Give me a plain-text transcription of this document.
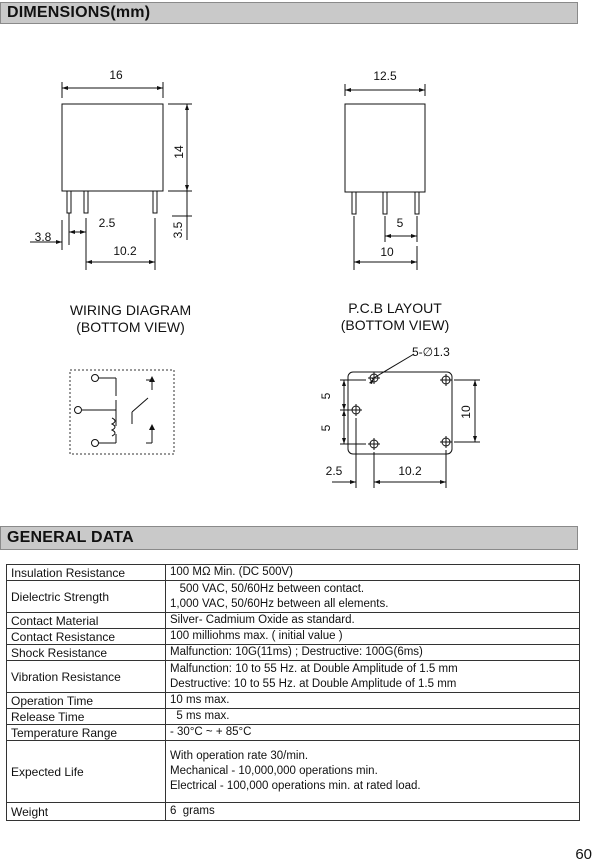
DIMENSIONS(mm)
16
14
3.5
2.5
3.8
10.2
12.5
5
10
WIRING DIAGRAM
(BOTTOM VIEW)
P.C.B LAYOUT
(BOTTOM VIEW)
5-∅1.3
5
5
10
2.5	10.2
GENERAL DATA
Insulation Resistance	100 MΩ Min. (DC 500V)

Dielectric Strength	500 VAC, 50/60Hz between contact.
1,000 VAC, 50/60Hz between all elements.

Contact Material	Silver- Cadmium Oxide as standard.

Contact Resistance	100 milliohms max. ( initial value )

Shock Resistance	Malfunction: 10G(11ms) ; Destructive: 100G(6ms)

Vibration Resistance	Malfunction: 10 to 55 Hz. at Double Amplitude of 1.5 mm
Destructive: 10 to 55 Hz. at Double Amplitude of 1.5 mm

Operation Time	10 ms max.

Release Time	5 ms max.

Temperature Range	- 30°C ~ + 85°C

Expected Life	With operation rate 30/min.
Mechanical - 10,000,000 operations min.
Electrical - 100,000 operations min. at rated load.

Weight	6  grams
60
